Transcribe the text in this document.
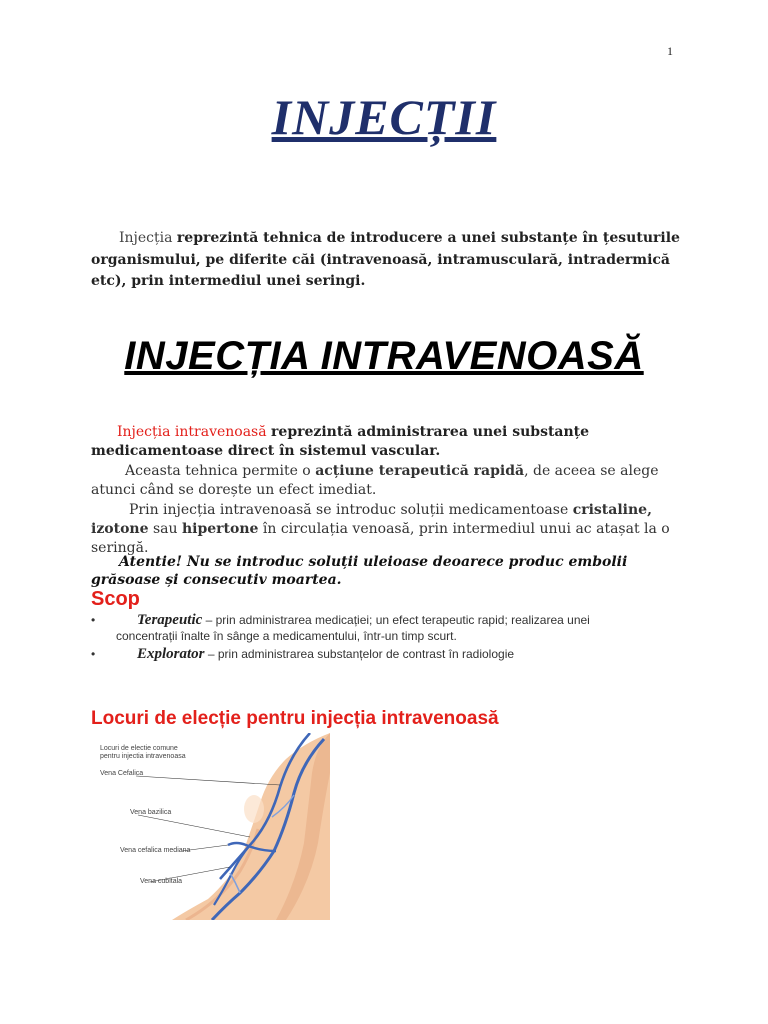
1
INJECȚII
Injecția reprezintă tehnica de introducere a unei substanțe în țesuturile organismului, pe diferite căi (intravenoasă, intramusculară, intradermică etc), prin intermediul unei seringi.
INJECȚIA INTRAVENOASĂ
Injecția intravenoasă reprezintă administrarea unei substanțe medicamentoase direct în sistemul vascular.
Aceasta tehnica permite o acțiune terapeutică rapidă, de aceea se alege atunci când se dorește un efect imediat.
Prin injecția intravenoasă se introduc soluții medicamentoase cristaline, izotone sau hipertone în circulația venoasă, prin intermediul unui ac atașat la o seringă.
Atentie! Nu se introduc soluții uleioase deoarece produc embolii grăsoase și consecutiv moartea.
Scop
•	Terapeutic – prin administrarea medicației; un efect terapeutic rapid; realizarea unei
concentrații înalte în sânge a medicamentului, într-un timp scurt.
•	Explorator – prin administrarea substanțelor de contrast în radiologie
Locuri de elecție pentru injecția intravenoasă
Locuri de electie comune
pentru injectia intravenoasa
Vena Cefalica
Vena bazilica
Vena cefalica mediana
Vena cubitala
